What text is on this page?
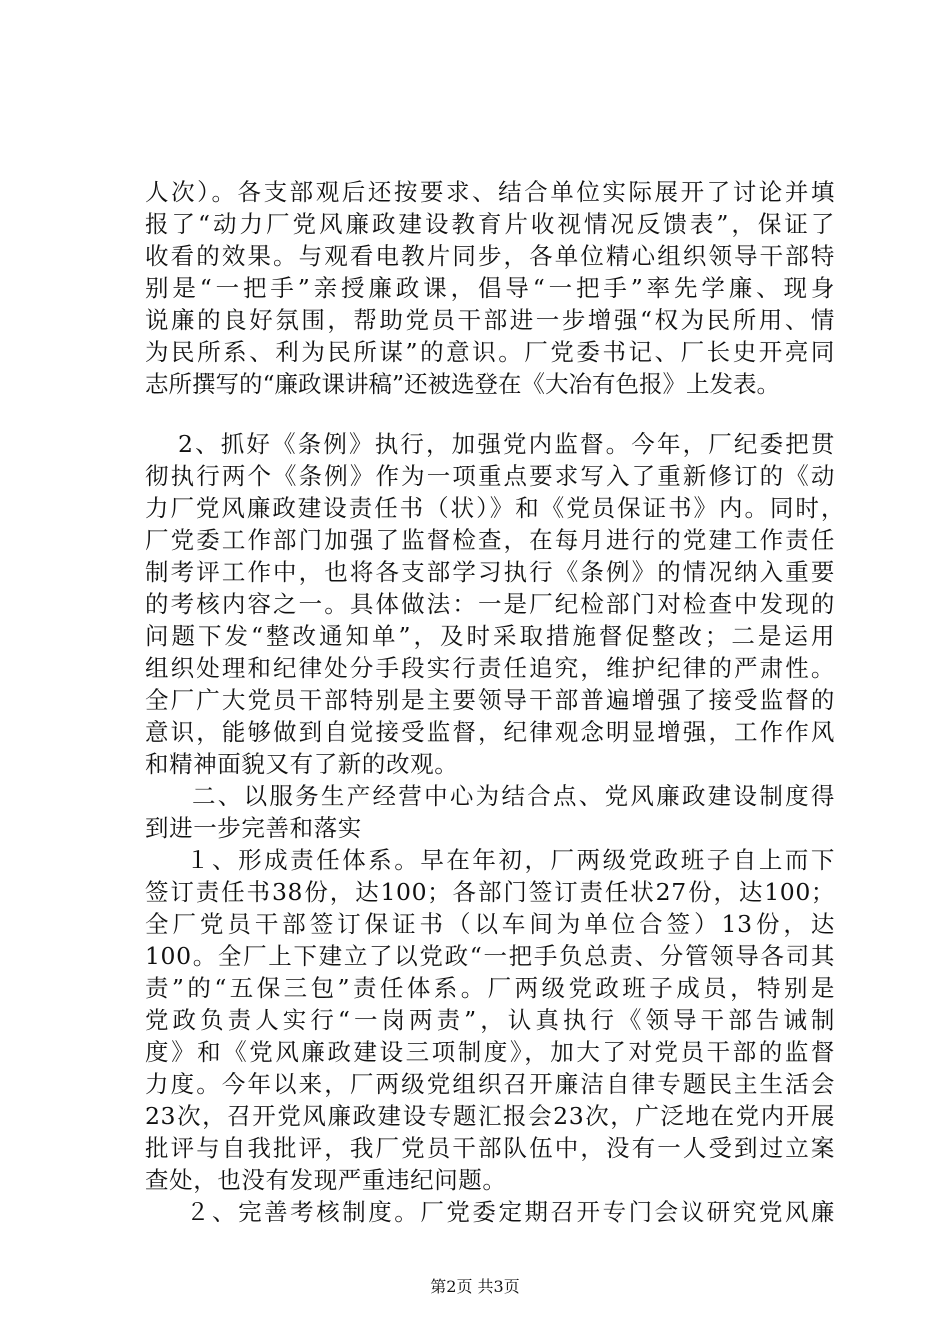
人次）。各支部观后还按要求、结合单位实际展开了讨论并填
报了“动力厂党风廉政建设教育片收视情况反馈表”，保证了
收看的效果。与观看电教片同步，各单位精心组织领导干部特
别是“一把手”亲授廉政课，倡导“一把手”率先学廉、现身
说廉的良好氛围，帮助党员干部进一步增强“权为民所用、情
为民所系、利为民所谋”的意识。厂党委书记、厂长史开亮同
志所撰写的“廉政课讲稿”还被选登在《大冶有色报》上发表。
2、抓好《条例》执行，加强党内监督。今年，厂纪委把贯
彻执行两个《条例》作为一项重点要求写入了重新修订的《动
力厂党风廉政建设责任书（状）》和《党员保证书》内。同时，
厂党委工作部门加强了监督检查，在每月进行的党建工作责任
制考评工作中，也将各支部学习执行《条例》的情况纳入重要
的考核内容之一。具体做法：一是厂纪检部门对检查中发现的
问题下发“整改通知单”，及时采取措施督促整改；二是运用
组织处理和纪律处分手段实行责任追究，维护纪律的严肃性。
全厂广大党员干部特别是主要领导干部普遍增强了接受监督的
意识，能够做到自觉接受监督，纪律观念明显增强，工作作风
和精神面貌又有了新的改观。
二、以服务生产经营中心为结合点、党风廉政建设制度得
到进一步完善和落实
１、形成责任体系。早在年初，厂两级党政班子自上而下
签订责任书38份，达100；各部门签订责任状27份，达100；
全厂党员干部签订保证书（以车间为单位合签）13份，达
100。全厂上下建立了以党政“一把手负总责、分管领导各司其
责”的“五保三包”责任体系。厂两级党政班子成员，特别是
党政负责人实行“一岗两责”，认真执行《领导干部告诫制
度》和《党风廉政建设三项制度》，加大了对党员干部的监督
力度。今年以来，厂两级党组织召开廉洁自律专题民主生活会
23次，召开党风廉政建设专题汇报会23次，广泛地在党内开展
批评与自我批评，我厂党员干部队伍中，没有一人受到过立案
查处，也没有发现严重违纪问题。
２、完善考核制度。厂党委定期召开专门会议研究党风廉
第2页 共3页
